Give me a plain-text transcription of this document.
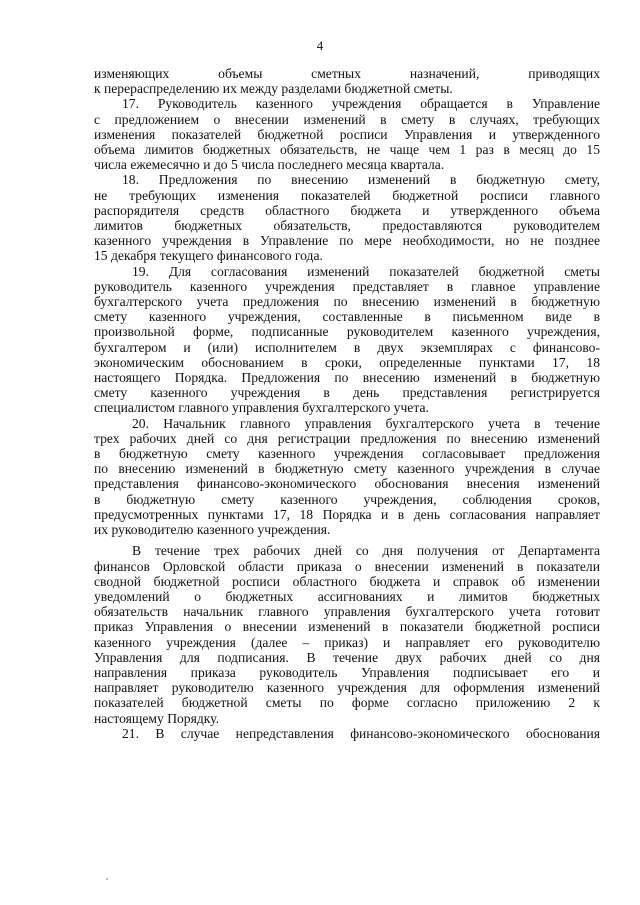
4
изменяющих объемы сметных назначений, приводящих
к перераспределению их между разделами бюджетной сметы.
17. Руководитель казенного учреждения обращается в Управление
с предложением о внесении изменений в смету в случаях, требующих
изменения показателей бюджетной росписи Управления и утвержденного
объема лимитов бюджетных обязательств, не чаще чем 1 раз в месяц до 15
числа ежемесячно и до 5 числа последнего месяца квартала.
18. Предложения по внесению изменений в бюджетную смету,
не требующих изменения показателей бюджетной росписи главного
распорядителя средств областного бюджета и утвержденного объема
лимитов бюджетных обязательств, предоставляются руководителем
казенного учреждения в Управление по мере необходимости, но не позднее
15 декабря текущего финансового года.
19. Для согласования изменений показателей бюджетной сметы
руководитель казенного учреждения представляет в главное управление
бухгалтерского учета предложения по внесению изменений в бюджетную
смету казенного учреждения, составленные в письменном виде в
произвольной форме, подписанные руководителем казенного учреждения,
бухгалтером и (или) исполнителем в двух экземплярах с финансово-
экономическим обоснованием в сроки, определенные пунктами 17, 18
настоящего Порядка. Предложения по внесению изменений в бюджетную
смету казенного учреждения в день представления регистрируется
специалистом главного управления бухгалтерского учета.
20. Начальник главного управления бухгалтерского учета в течение
трех рабочих дней со дня регистрации предложения по внесению изменений
в бюджетную смету казенного учреждения согласовывает предложения
по внесению изменений в бюджетную смету казенного учреждения в случае
представления финансово-экономического обоснования внесения изменений
в бюджетную смету казенного учреждения, соблюдения сроков,
предусмотренных пунктами 17, 18 Порядка и в день согласования направляет
их руководителю казенного учреждения.
В течение трех рабочих дней со дня получения от Департамента
финансов Орловской области приказа о внесении изменений в показатели
сводной бюджетной росписи областного бюджета и справок об изменении
уведомлений о бюджетных ассигнованиях и лимитов бюджетных
обязательств начальник главного управления бухгалтерского учета готовит
приказ Управления о внесении изменений в показатели бюджетной росписи
казенного учреждения (далее – приказ) и направляет его руководителю
Управления для подписания. В течение двух рабочих дней со дня
направления приказа руководитель Управления подписывает его и
направляет руководителю казенного учреждения для оформления изменений
показателей бюджетной сметы по форме согласно приложению 2 к
настоящему Порядку.
21. В случае непредставления финансово-экономического обоснования
